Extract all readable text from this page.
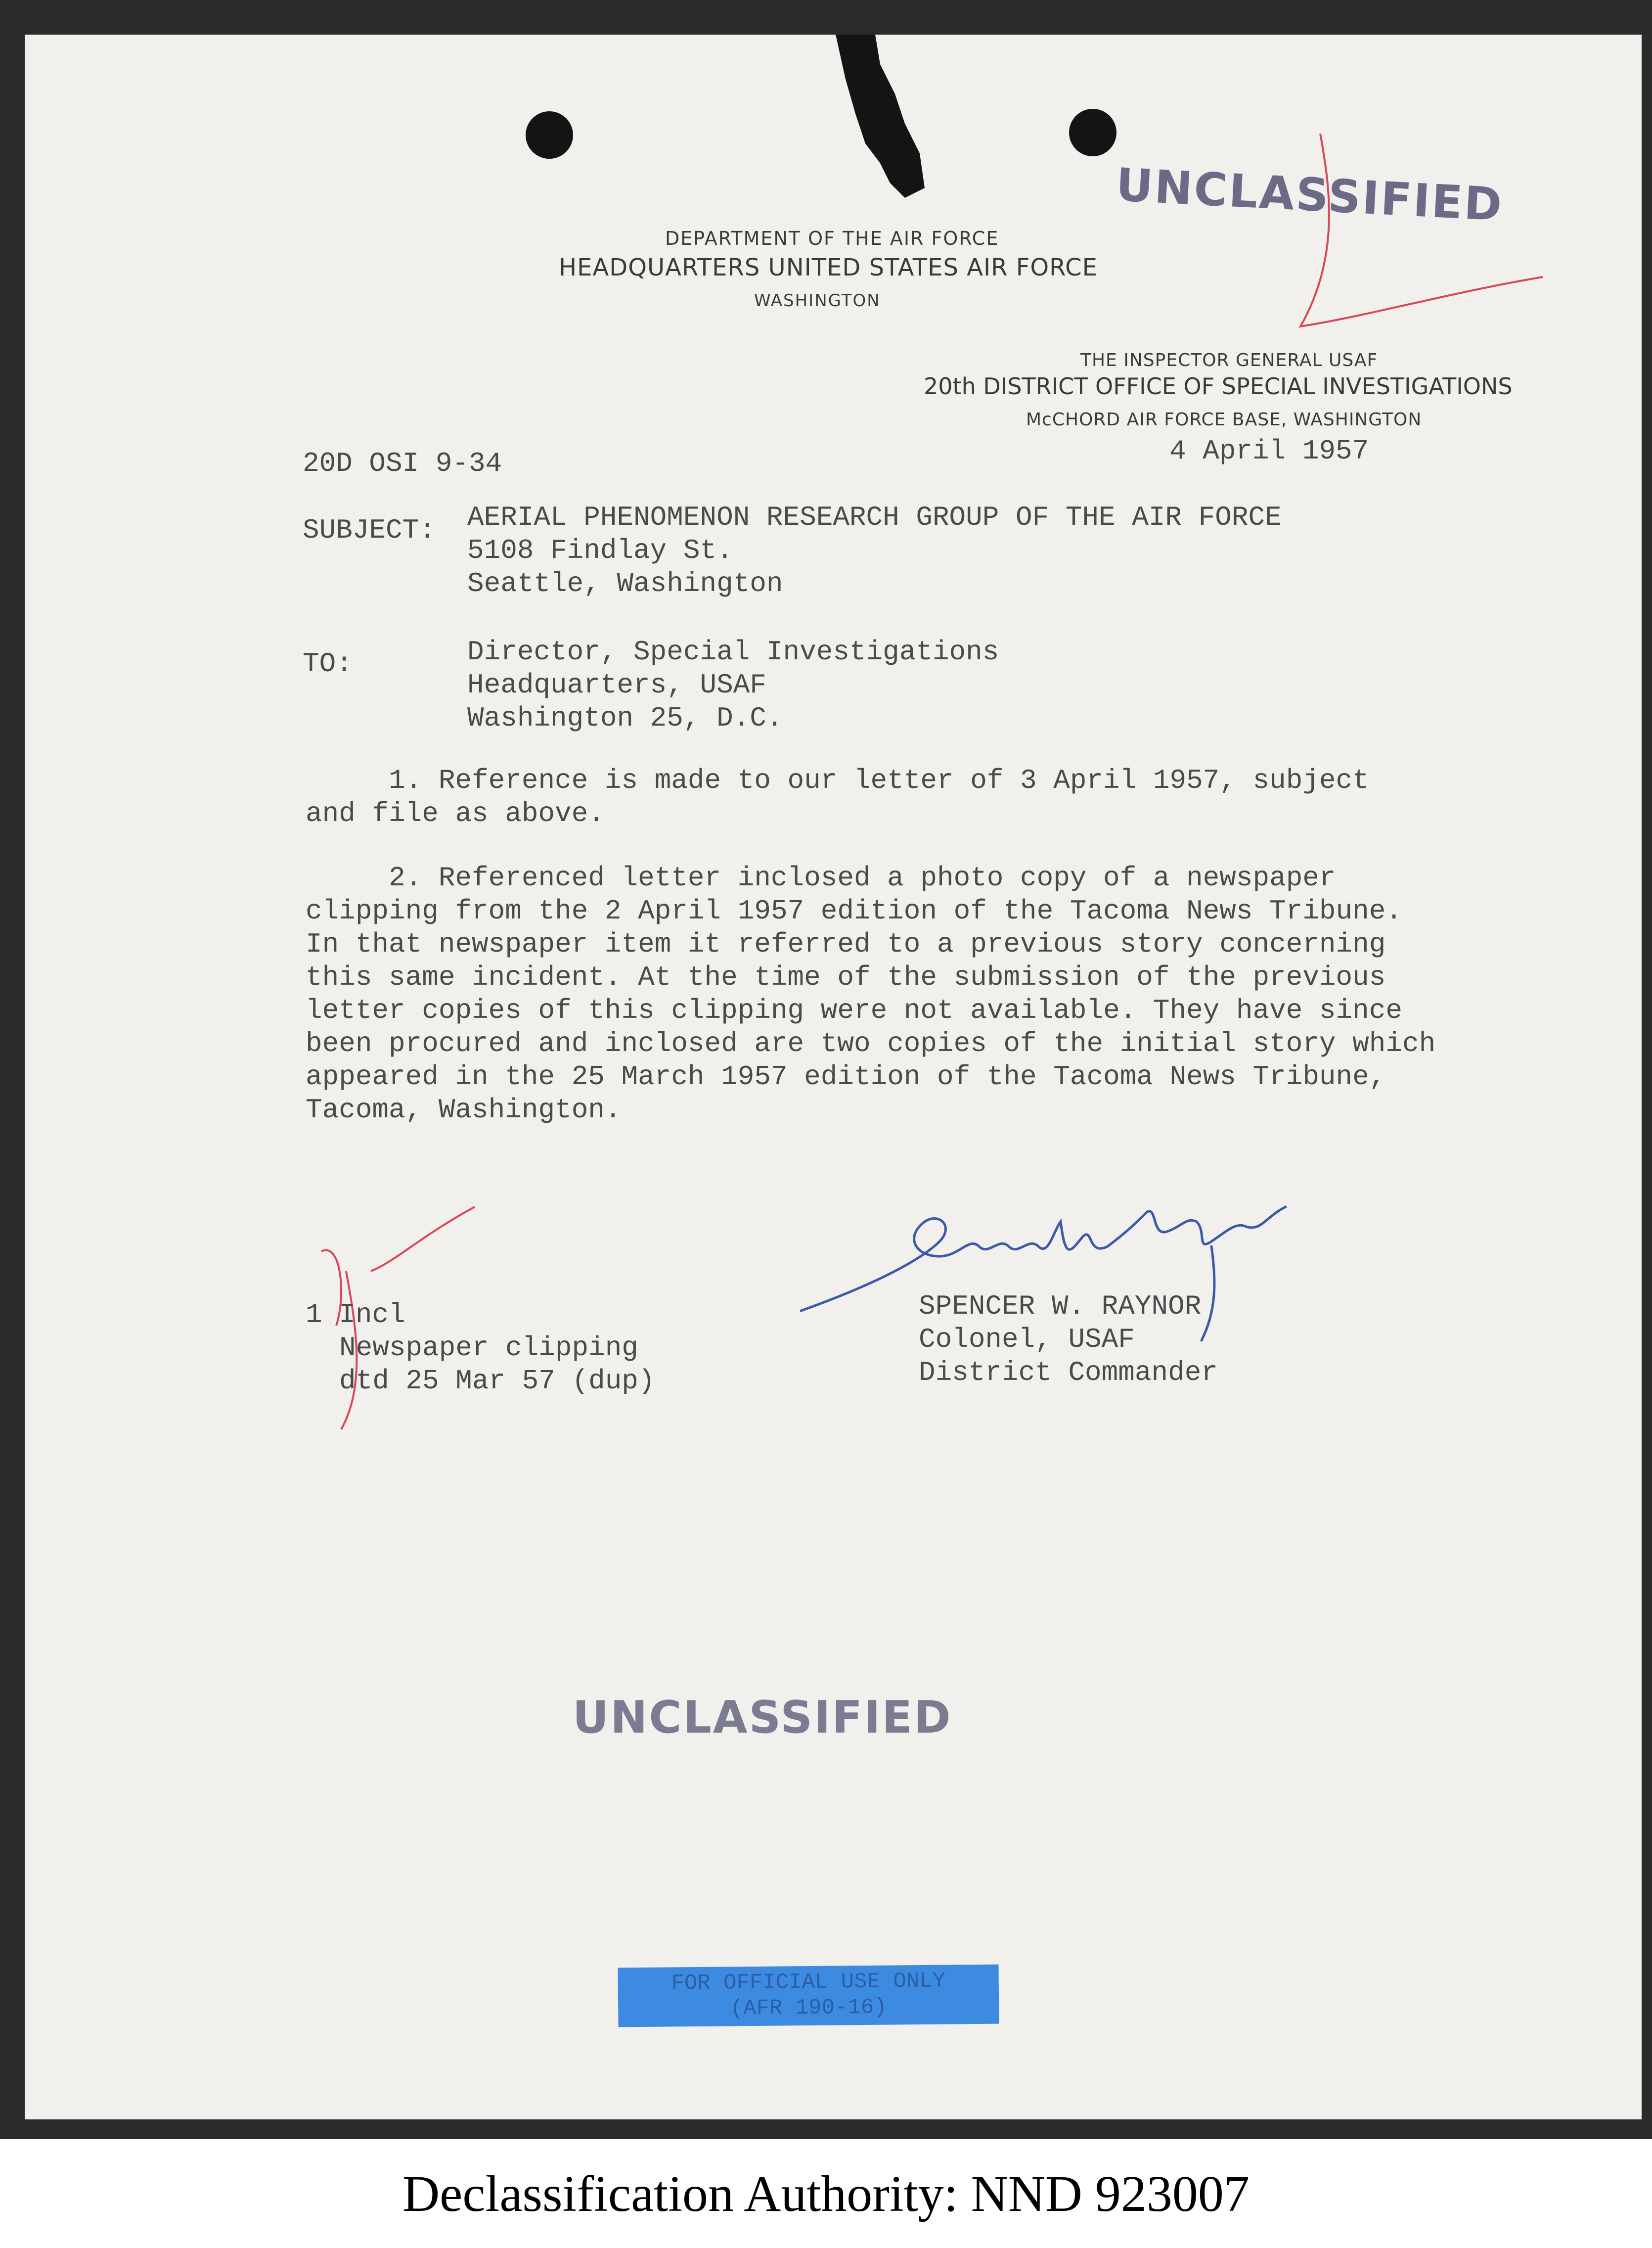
UNCLASSIFIED
DEPARTMENT OF THE AIR FORCE
HEADQUARTERS UNITED STATES AIR FORCE
WASHINGTON
THE INSPECTOR GENERAL USAF
20th DISTRICT OFFICE OF SPECIAL INVESTIGATIONS
McCHORD AIR FORCE BASE, WASHINGTON
20D OSI 9-34	4 April 1957
SUBJECT: AERIAL PHENOMENON RESEARCH GROUP OF THE AIR FORCE
5108 Findlay St.
Seattle, Washington
TO:	Director, Special Investigations
Headquarters, USAF
Washington 25, D.C.
1. Reference is made to our letter of 3 April 1957, subject
and file as above.
2. Referenced letter inclosed a photo copy of a newspaper
clipping from the 2 April 1957 edition of the Tacoma News Tribune.
In that newspaper item it referred to a previous story concerning
this same incident. At the time of the submission of the previous
letter copies of this clipping were not available. They have since
been procured and inclosed are two copies of the initial story which
appeared in the 25 March 1957 edition of the Tacoma News Tribune,
Tacoma, Washington.
1 Incl
Newspaper clipping
dtd 25 Mar 57 (dup)
SPENCER W. RAYNOR
Colonel, USAF
District Commander
UNCLASSIFIED
FOR OFFICIAL USE ONLY
(AFR 190-16)
Declassification Authority: NND 923007
